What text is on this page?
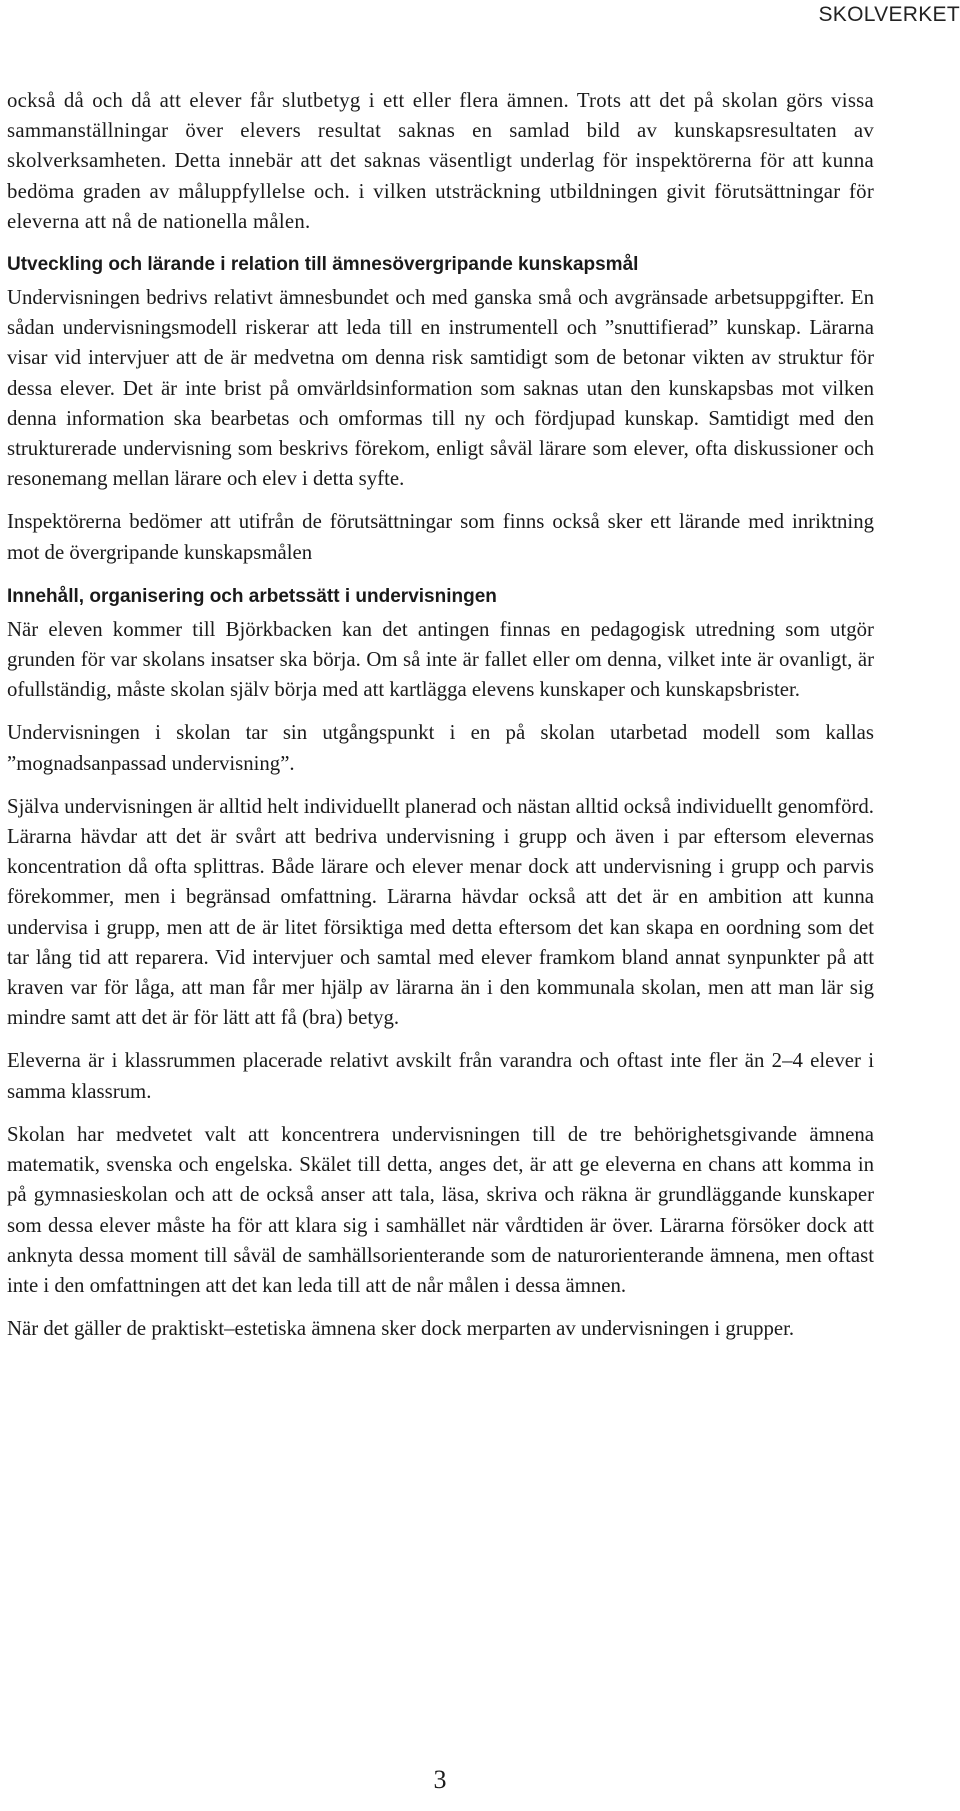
SKOLVERKET

också då och då att elever får slutbetyg i ett eller flera ämnen. Trots att det på skolan görs vissa sammanställningar över elevers resultat saknas en samlad bild av kunskapsresultaten av skolverksamheten. Detta innebär att det saknas väsentligt underlag för inspektörerna för att kunna bedöma graden av måluppfyllelse och. i vilken utsträckning utbildningen givit förutsättningar för eleverna att nå de nationella målen.

Utveckling och lärande i relation till ämnesövergripande kunskapsmål

Undervisningen bedrivs relativt ämnesbundet och med ganska små och avgränsade arbetsuppgifter. En sådan undervisningsmodell riskerar att leda till en instrumentell och ”snuttifierad” kunskap. Lärarna visar vid intervjuer att de är medvetna om denna risk samtidigt som de betonar vikten av struktur för dessa elever. Det är inte brist på omvärldsinformation som saknas utan den kunskapsbas mot vilken denna information ska bearbetas och omformas till ny och fördjupad kunskap. Samtidigt med den strukturerade undervisning som beskrivs förekom, enligt såväl lärare som elever, ofta diskussioner och resonemang mellan lärare och elev i detta syfte.

Inspektörerna bedömer att utifrån de förutsättningar som finns också sker ett lärande med inriktning mot de övergripande kunskapsmålen

Innehåll, organisering och arbetssätt i undervisningen

När eleven kommer till Björkbacken kan det antingen finnas en pedagogisk utredning som utgör grunden för var skolans insatser ska börja. Om så inte är fallet eller om denna, vilket inte är ovanligt, är ofullständig, måste skolan själv börja med att kartlägga elevens kunskaper och kunskapsbrister.

Undervisningen i skolan tar sin utgångspunkt i en på skolan utarbetad modell som kallas ”mognadsanpassad undervisning”.

Själva undervisningen är alltid helt individuellt planerad och nästan alltid också individuellt genomförd. Lärarna hävdar att det är svårt att bedriva undervisning i grupp och även i par eftersom elevernas koncentration då ofta splittras. Både lärare och elever menar dock att undervisning i grupp och parvis förekommer, men i begränsad omfattning. Lärarna hävdar också att det är en ambition att kunna undervisa i grupp, men att de är litet försiktiga med detta eftersom det kan skapa en oordning som det tar lång tid att reparera. Vid intervjuer och samtal med elever framkom bland annat synpunkter på att kraven var för låga, att man får mer hjälp av lärarna än i den kommunala skolan, men att man lär sig mindre samt att det är för lätt att få (bra) betyg.

Eleverna är i klassrummen placerade relativt avskilt från varandra och oftast inte fler än 2–4 elever i samma klassrum.

Skolan har medvetet valt att koncentrera undervisningen till de tre behörighetsgivande ämnena matematik, svenska och engelska. Skälet till detta, anges det, är att ge eleverna en chans att komma in på gymnasieskolan och att de också anser att tala, läsa, skriva och räkna är grundläggande kunskaper som dessa elever måste ha för att klara sig i samhället när vårdtiden är över. Lärarna försöker dock att anknyta dessa moment till såväl de samhällsorienterande som de naturorienterande ämnena, men oftast inte i den omfattningen att det kan leda till att de når målen i dessa ämnen.

När det gäller de praktiskt–estetiska ämnena sker dock merparten av undervisningen i grupper.

3
